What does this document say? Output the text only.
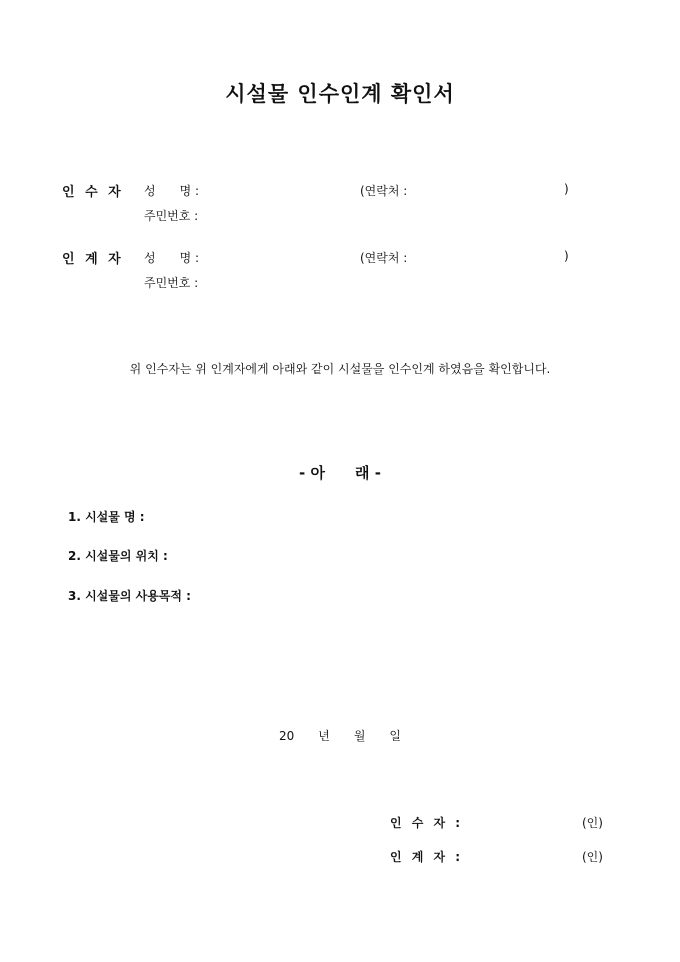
시설물 인수인계 확인서
인 수 자 성　　명 :	(연락처 :	)
주민번호 :
인 계 자 성　　명 :	(연락처 :	)
주민번호 :
위 인수자는 위 인계자에게 아래와 같이 시설물을 인수인계 하였음을 확인합니다.
- 아　　래 -
1. 시설물 명 :
2. 시설물의 위치 :
3. 시설물의 사용목적 :
20　　년　　월　　일
인 수 자 :	(인)
인 계 자 :	(인)
